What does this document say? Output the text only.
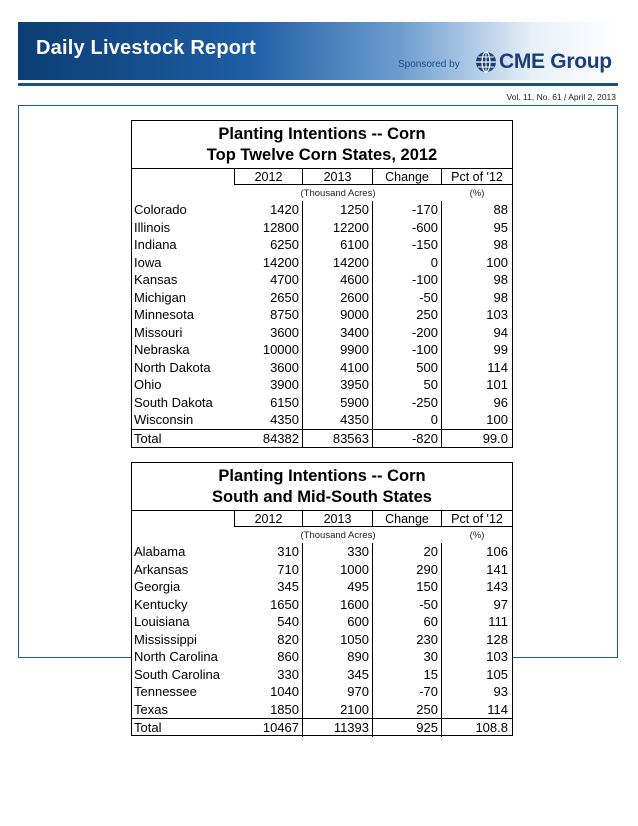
Daily Livestock Report
Sponsored by CME Group
Vol. 11, No. 61 / April 2, 2013
Planting Intentions -- Corn
Top Twelve Corn States, 2012
2012	2013	Change	Pct of '12
(Thousand Acres)	(%)
Colorado	1420	1250	-170	88
Illinois	12800	12200	-600	95
Indiana	6250	6100	-150	98
Iowa	14200	14200	0	100
Kansas	4700	4600	-100	98
Michigan	2650	2600	-50	98
Minnesota	8750	9000	250	103
Missouri	3600	3400	-200	94
Nebraska	10000	9900	-100	99
North Dakota	3600	4100	500	114
Ohio	3900	3950	50	101
South Dakota	6150	5900	-250	96
Wisconsin	4350	4350	0	100
Total	84382	83563	-820	99.0
Planting Intentions -- Corn
South and Mid-South States
2012	2013	Change	Pct of '12
(Thousand Acres)	(%)
Alabama	310	330	20	106
Arkansas	710	1000	290	141
Georgia	345	495	150	143
Kentucky	1650	1600	-50	97
Louisiana	540	600	60	111
Mississippi	820	1050	230	128
North Carolina	860	890	30	103
South Carolina	330	345	15	105
Tennessee	1040	970	-70	93
Texas	1850	2100	250	114
Total	10467	11393	925	108.8
